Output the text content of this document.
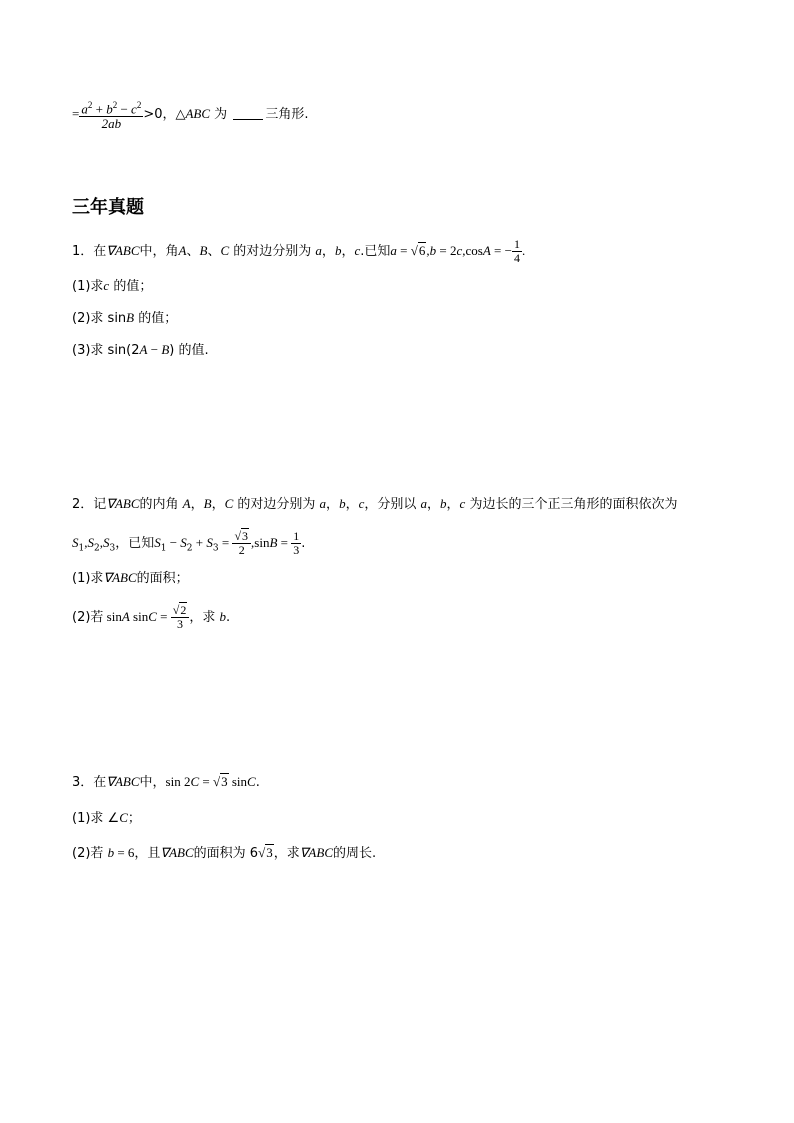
= $\frac{a^2 + b^2 - c^2}{2ab} >0$，△ABC 为	三角形.
三年真题
1．在∇ABC中，角A、B、C 的对边分别为 a，b，c.已知a = √6,b = 2c,cosA = − $\frac{1}{4}$ .
(1)求c 的值；
(2)求 sinB 的值；
(3)求 sin(2A − B) 的值.
2．记∇ABC的内角 A，B，C 的对边分别为 a，b，c，分别以 a，b，c 为边长的三个正三角形的面积依次为
$S_1,S_2,S_3$，已知$S_1 - S_2 + S_3 = \frac{√3}{2} ,\sin B = \frac{1}{3}$ .
(1)求∇ABC的面积；
(2)若 sinA $\sin C = \frac{√2}{3}$ ，求 b.
3．在∇ABC中，sin 2C = √3 sinC.
(1)求 ∠C；
(2)若 b = 6，且∇ABC的面积为 6√3，求∇ABC的周长.
